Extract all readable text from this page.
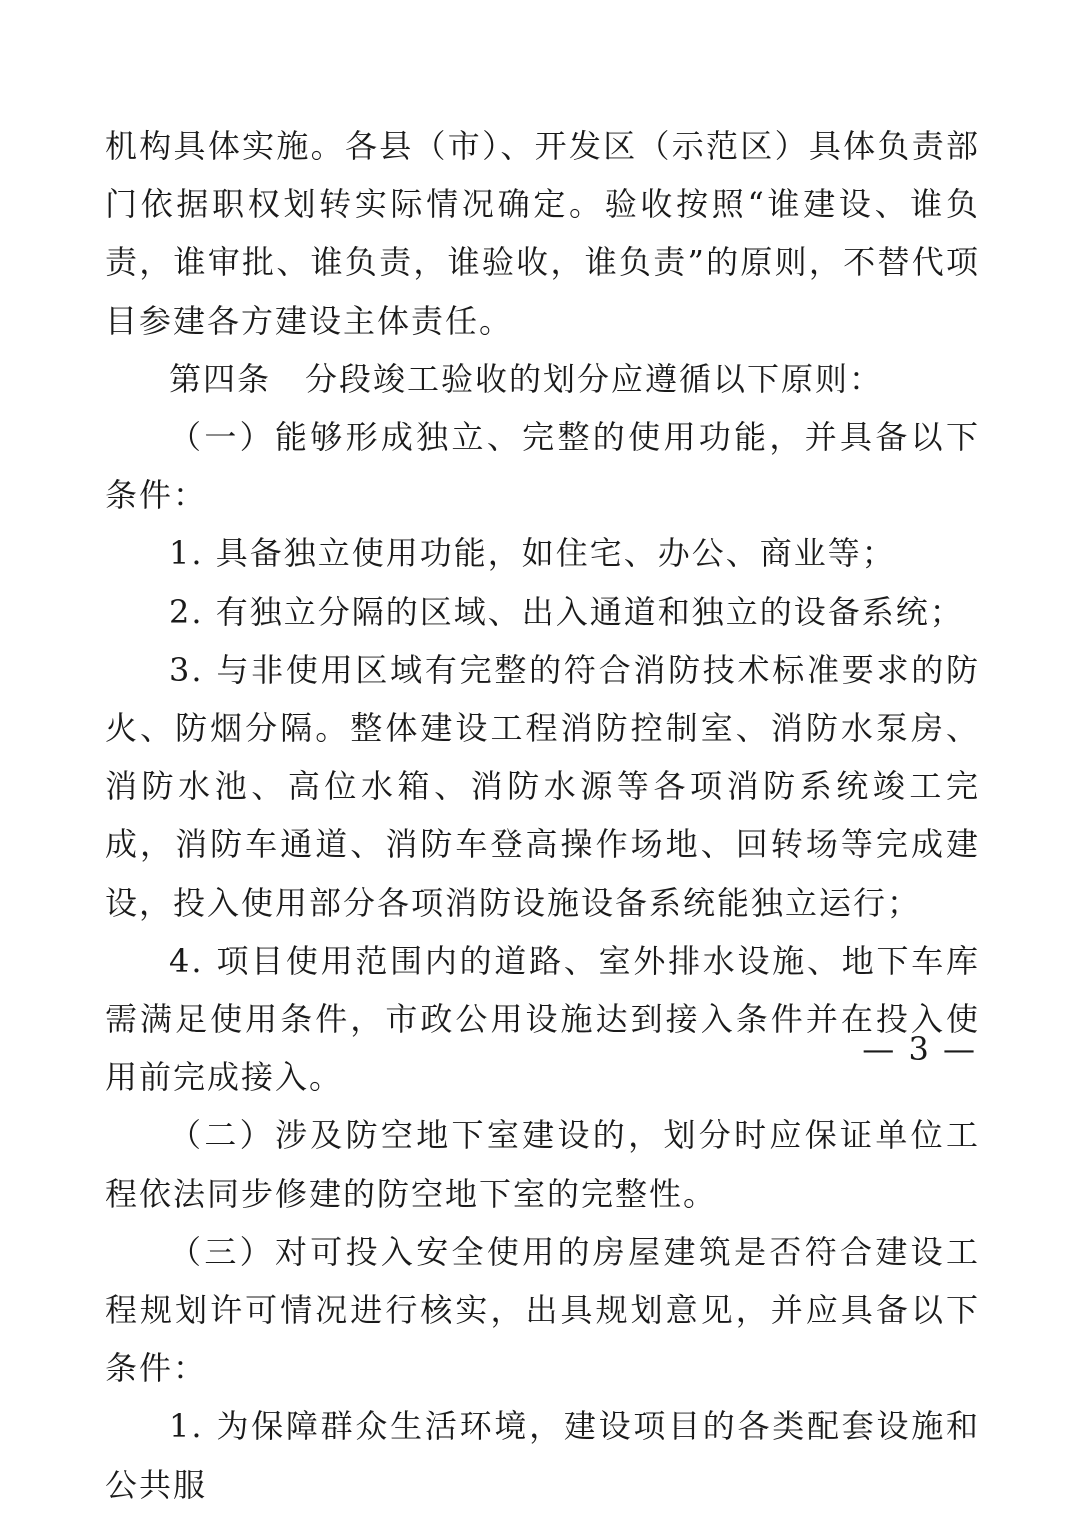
机构具体实施。各县（市）、开发区（示范区）具体负责部门依据职权划转实际情况确定。验收按照“谁建设、谁负责，谁审批、谁负责，谁验收，谁负责”的原则，不替代项目参建各方建设主体责任。

第四条　分段竣工验收的划分应遵循以下原则：

（一）能够形成独立、完整的使用功能，并具备以下条件：

1. 具备独立使用功能，如住宅、办公、商业等；

2. 有独立分隔的区域、出入通道和独立的设备系统；

3. 与非使用区域有完整的符合消防技术标准要求的防火、防烟分隔。整体建设工程消防控制室、消防水泵房、消防水池、高位水箱、消防水源等各项消防系统竣工完成，消防车通道、消防车登高操作场地、回转场等完成建设，投入使用部分各项消防设施设备系统能独立运行；

4. 项目使用范围内的道路、室外排水设施、地下车库需满足使用条件，市政公用设施达到接入条件并在投入使用前完成接入。

（二）涉及防空地下室建设的，划分时应保证单位工程依法同步修建的防空地下室的完整性。

（三）对可投入安全使用的房屋建筑是否符合建设工程规划许可情况进行核实，出具规划意见，并应具备以下条件：

1. 为保障群众生活环境，建设项目的各类配套设施和公共服

— 3 —
